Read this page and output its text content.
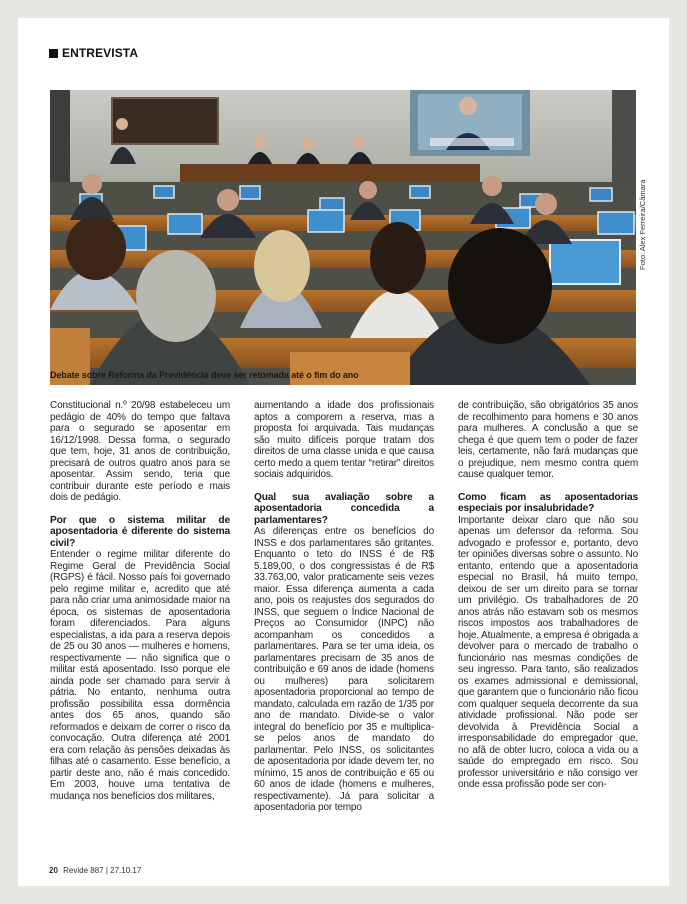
ENTREVISTA
Foto: Alex Ferreira/Câmara
Debate sobre Reforma da Previdência deve ser retomada até o fim do ano

Constitucional n.º 20/98 estabeleceu um pedágio de 40% do tempo que faltava para o segurado se aposentar em 16/12/1998. Dessa forma, o segurado que tem, hoje, 31 anos de contribuição, precisará de outros quatro anos para se aposentar. Assim sendo, teria que contribuir durante este período e mais dois de pedágio.

Por que o sistema militar de aposentadoria é diferente do sistema civil?

Entender o regime militar diferente do Regime Geral de Previdência Social (RGPS) é fácil. Nosso país foi governado pelo regime militar e, acredito que até para não criar uma animosidade maior na época, os sistemas de aposentadoria foram diferenciados. Para alguns especialistas, a ida para a reserva depois de 25 ou 30 anos — mulheres e homens, respectivamente — não significa que o militar está aposentado. Isso porque ele ainda pode ser chamado para servir à pátria. No entanto, nenhuma outra profissão possibilita essa dormência antes dos 65 anos, quando são reformados e deixam de correr o risco da convocação. Outra diferença até 2001 era com relação às pensões deixadas às filhas até o casamento. Esse benefício, a partir deste ano, não é mais concedido. Em 2003, houve uma tentativa de mudança nos benefícios dos militares,

aumentando a idade dos profissionais aptos a comporem a reserva, mas a proposta foi arquivada. Tais mudanças são muito difíceis porque tratam dos direitos de uma classe unida e que causa certo medo a quem tentar “retirar” direitos sociais adquiridos.

Qual sua avaliação sobre a aposentadoria concedida a parlamentares?

As diferenças entre os benefícios do INSS e dos parlamentares são gritantes. Enquanto o teto do INSS é de R$ 5.189,00, o dos congressistas é de R$ 33.763,00, valor praticamente seis vezes maior. Essa diferença aumenta a cada ano, pois os reajustes dos segurados do INSS, que seguem o Índice Nacional de Preços ao Consumidor (INPC) não acompanham os concedidos a parlamentares. Para se ter uma ideia, os parlamentares precisam de 35 anos de contribuição e 69 anos de idade (homens ou mulheres) para solicitarem aposentadoria proporcional ao tempo de mandato, calculada em razão de 1/35 por ano de mandato. Divide-se o valor integral do benefício por 35 e multiplica-se pelos anos de mandato do parlamentar. Pelo INSS, os solicitantes de aposentadoria por idade devem ter, no mínimo, 15 anos de contribuição e 65 ou 60 anos de idade (homens e mulheres, respectivamente). Já para solicitar a aposentadoria por tempo

de contribuição, são obrigatórios 35 anos de recolhimento para homens e 30 anos para mulheres. A conclusão a que se chega é que quem tem o poder de fazer leis, certamente, não fará mudanças que o prejudique, nem mesmo contra quem cause qualquer temor.

Como ficam as aposentadorias especiais por insalubridade?

Importante deixar claro que não sou apenas um defensor da reforma. Sou advogado e professor e, portanto, devo ter opiniões diversas sobre o assunto. No entanto, entendo que a aposentadoria especial no Brasil, há muito tempo, deixou de ser um direito para se tornar um privilégio. Os trabalhadores de 20 anos atrás não estavam sob os mesmos riscos impostos aos trabalhadores de hoje. Atualmente, a empresa é obrigada a devolver para o mercado de trabalho o funcionário nas mesmas condições de seu ingresso. Para tanto, são realizados os exames admissional e demissional, que garantem que o funcionário não ficou com qualquer sequela decorrente da sua atividade profissional. Não pode ser devolvida à Previdência Social a irresponsabilidade do empregador que, no afã de obter lucro, coloca a vida ou a saúde do empregado em risco. Sou professor universitário e não consigo ver onde essa profissão pode ser con-

20 Revide 887 | 27.10.17
